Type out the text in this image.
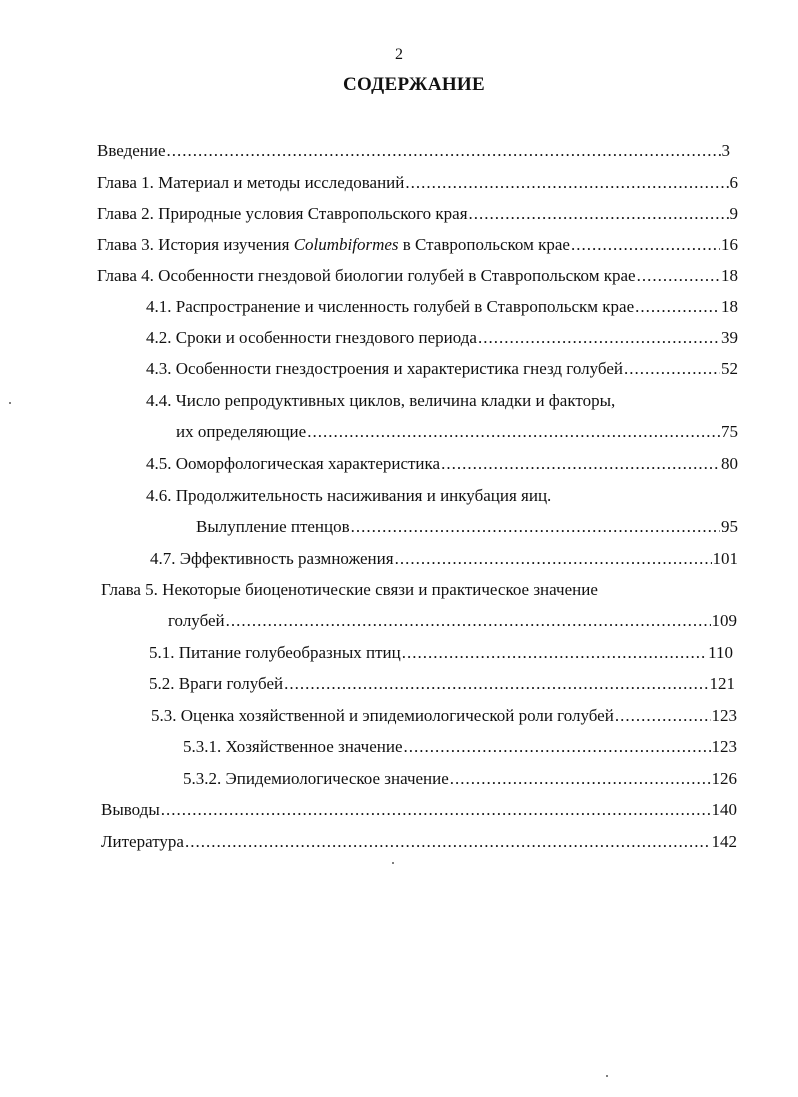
2
СОДЕРЖАНИЕ
Введение .....	3
Глава 1. Материал и методы исследований .....	6
Глава 2. Природные условия Ставропольского края .....	9
Глава 3. История изучения Columbiformes в Ставропольском крае .....	16
Глава 4. Особенности гнездовой биологии голубей в Ставропольском крае .....	18
4.1. Распространение и численность голубей в Ставропольскм крае .....	18
4.2. Сроки и особенности гнездового периода .....	39
4.3. Особенности гнездостроения и характеристика гнезд голубей .....	52
4.4. Число репродуктивных циклов, величина кладки и факторы,
их определяющие .....	75
4.5. Ооморфологическая характеристика .....	80
4.6. Продолжительность насиживания и инкубация яиц.
Вылупление птенцов .....	95
4.7. Эффективность размножения .....	101
Глава 5. Некоторые биоценотические связи и практическое значение
голубей .....	109
5.1. Питание голубеобразных птиц .....	110
5.2. Враги голубей .....	121
5.3. Оценка хозяйственной и эпидемиологической роли голубей .....	123
5.3.1. Хозяйственное значение .....	123
5.3.2. Эпидемиологическое значение .....	126
Выводы .....	140
Литература .....	142
